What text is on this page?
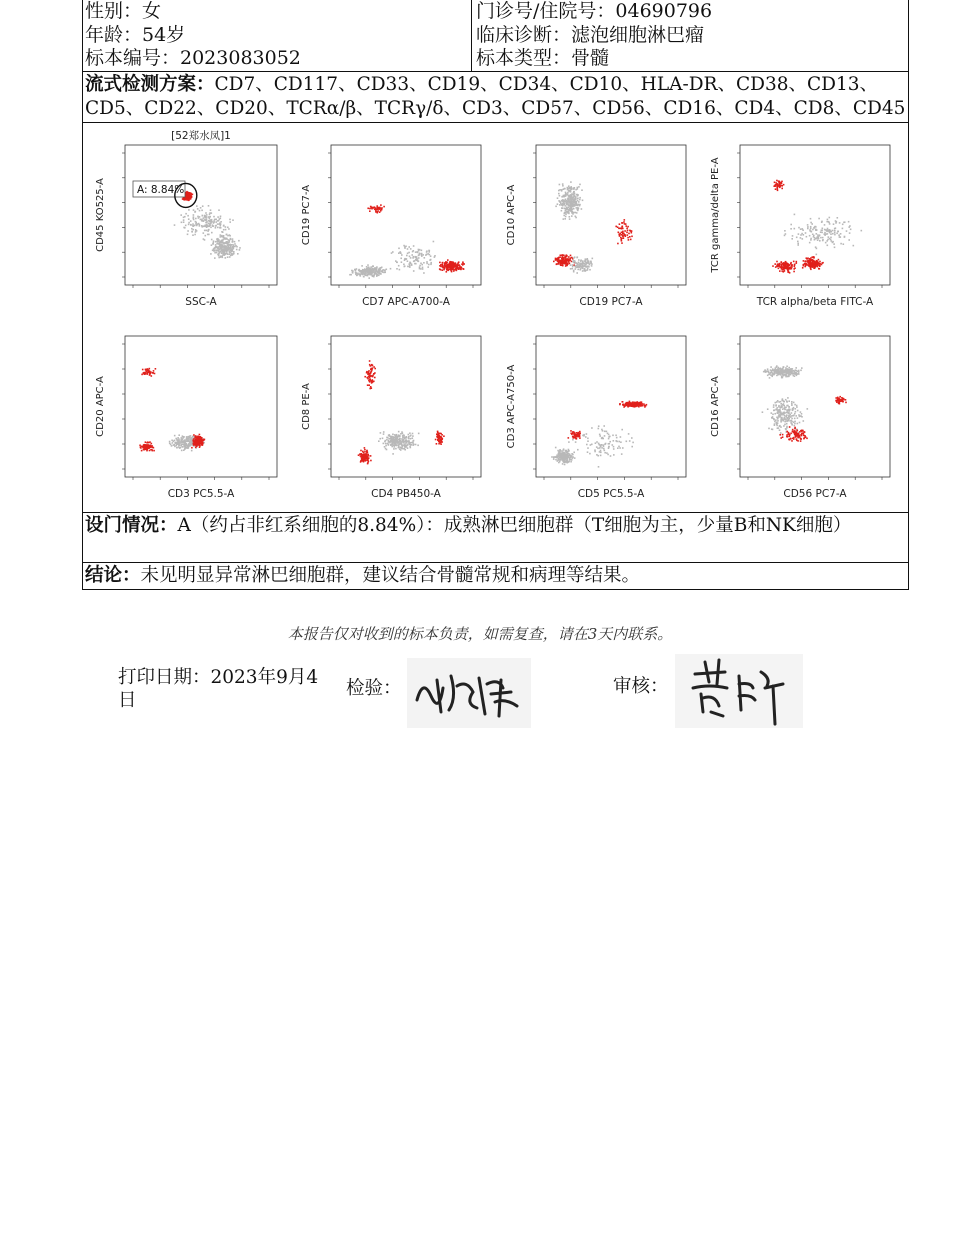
性别：女
年龄：54岁
标本编号：2023083052
门诊号/住院号：04690796
临床诊断：滤泡细胞淋巴瘤
标本类型：骨髓
流式检测方案：CD7、CD117、CD33、CD19、CD34、CD10、HLA-DR、CD38、CD13、CD5、CD22、CD20、TCRα/β、TCRγ/δ、CD3、CD57、CD56、CD16、CD4、CD8、CD45
SSC-A
CD45 KO525-A
[52郑水凤]1
A: 8.84%
CD7 APC-A700-A
CD19 PC7-A
CD19 PC7-A
CD10 APC-A
TCR alpha/beta FITC-A
TCR gamma/delta PE-A
CD3 PC5.5-A
CD20 APC-A
CD4 PB450-A
CD8 PE-A
CD5 PC5.5-A
CD3 APC-A750-A
CD56 PC7-A
CD16 APC-A
设门情况：A（约占非红系细胞的8.84%）：成熟淋巴细胞群（T细胞为主，少量B和NK细胞）
结论：未见明显异常淋巴细胞群，建议结合骨髓常规和病理等结果。
本报告仅对收到的标本负责，如需复查，请在3天内联系。
打印日期：2023年9月4日
检验：	审核：
